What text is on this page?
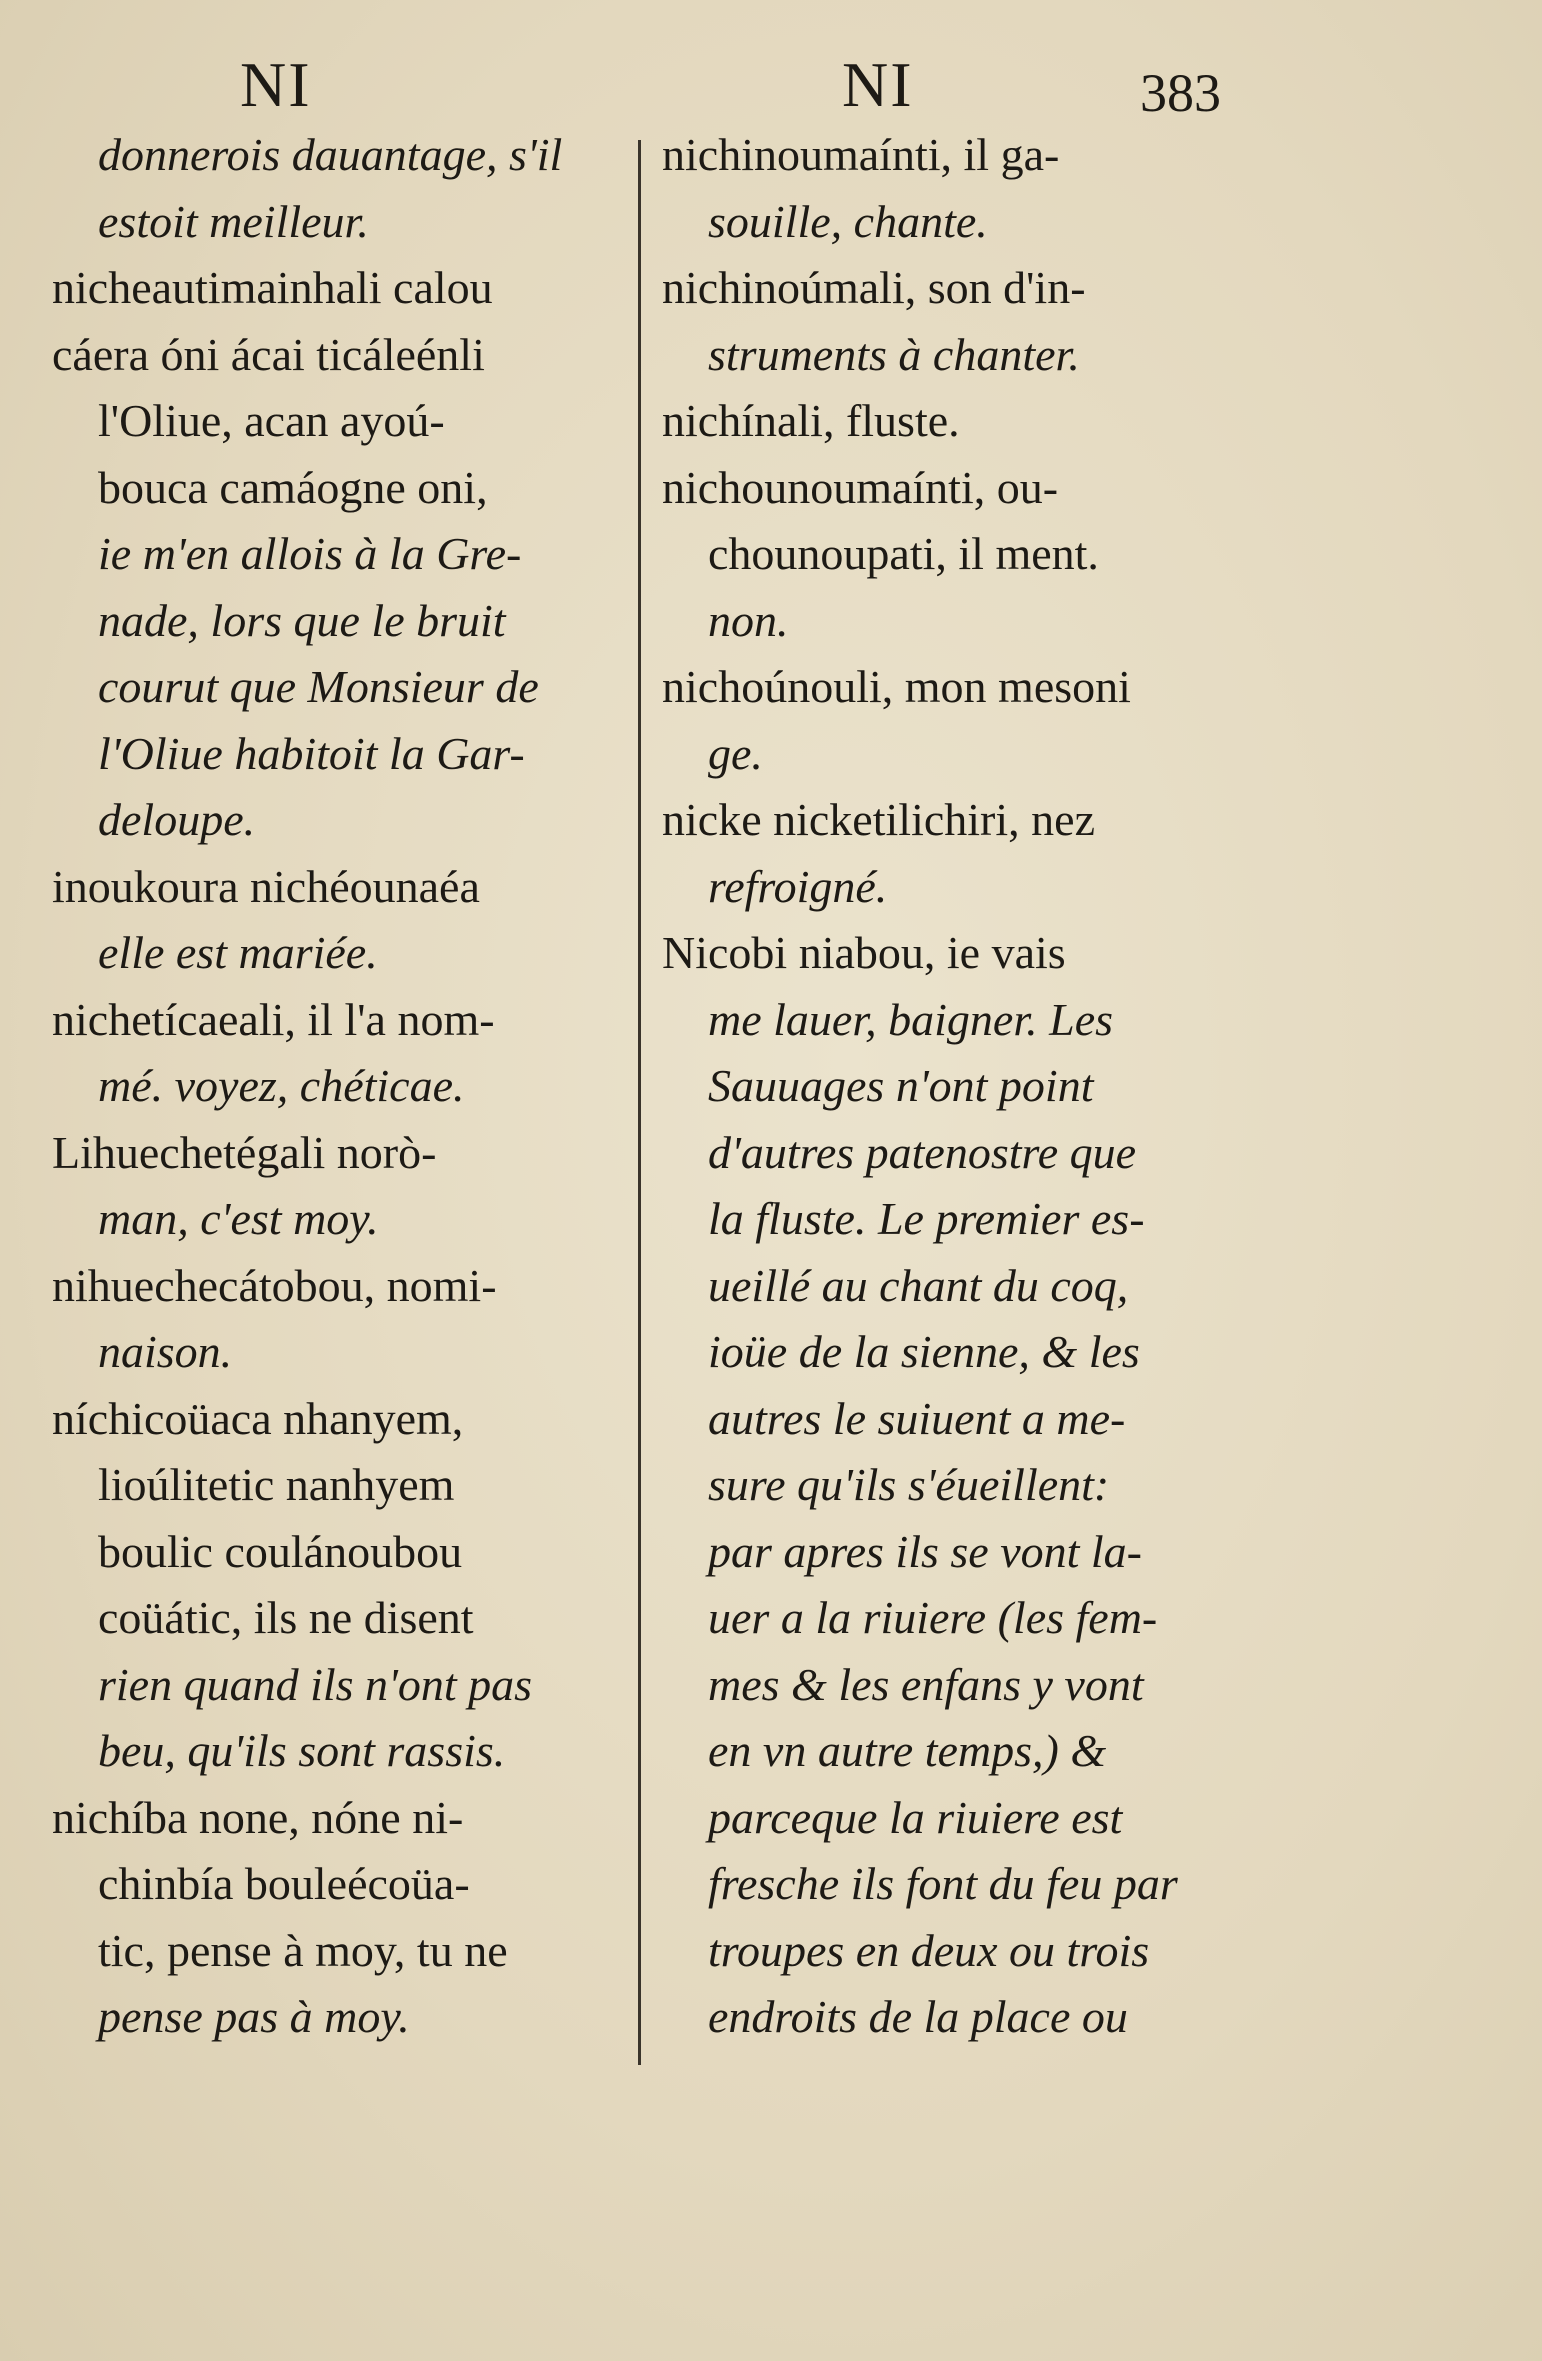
NI	NI	383
donnerois dauantage, s'il
estoit meilleur.
nicheautimainhali calou
cáera óni ácai ticáleénli
l'Oliue, acan ayoú-
bouca camáogne oni,
ie m'en allois à la Gre-
nade, lors que le bruit
courut que Monsieur de
l'Oliue habitoit la Gar-
deloupe.
inoukoura nichéounaéa
elle est mariée.
nichetícaeali, il l'a nom-
mé. voyez, chéticae.
Lihuechetégali norò-
man, c'est moy.
nihuechecátobou, nomi-
naison.
níchicoüaca nhanyem,
lioúlitetic nanhyem
boulic coulánoubou
coüátic, ils ne disent
rien quand ils n'ont pas
beu, qu'ils sont rassis.
nichíba none, nóne ni-
chinbía bouleécoüa-
tic, pense à moy, tu ne
pense pas à moy.
nichinoumaínti, il ga-
souille, chante.
nichinoúmali, son d'in-
struments à chanter.
nichínali, fluste.
nichounoumaínti, ou-
chounoupati, il ment.
non.
nichoúnouli, mon mesonі
ge.
nicke nicketilichiri, nez
refroigné.
Nicobi niabou, ie vais
me lauer, baigner. Les
Sauuages n'ont point
d'autres patenostre que
la fluste. Le premier es-
ueillé au chant du coq,
ioüe de la sienne, & les
autres le suiuent a me-
sure qu'ils s'éueillent:
par apres ils se vont la-
uer a la riuiere (les fem-
mes & les enfans y vont
en vn autre temps,) &
parceque la riuiere est
fresche ils font du feu par
troupes en deux ou trois
endroits de la place ou
